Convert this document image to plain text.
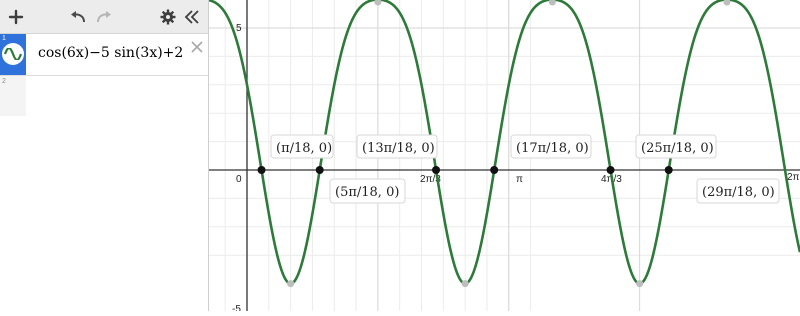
1
cos(6x)−5 sin(3x)+2
2
0	2π/3	π	4π/3	2π
5
-5
(π/18, 0)
(5π/18, 0)
(13π/18, 0)	(17π/18, 0)	(25π/18, 0)
(29π/18, 0)
